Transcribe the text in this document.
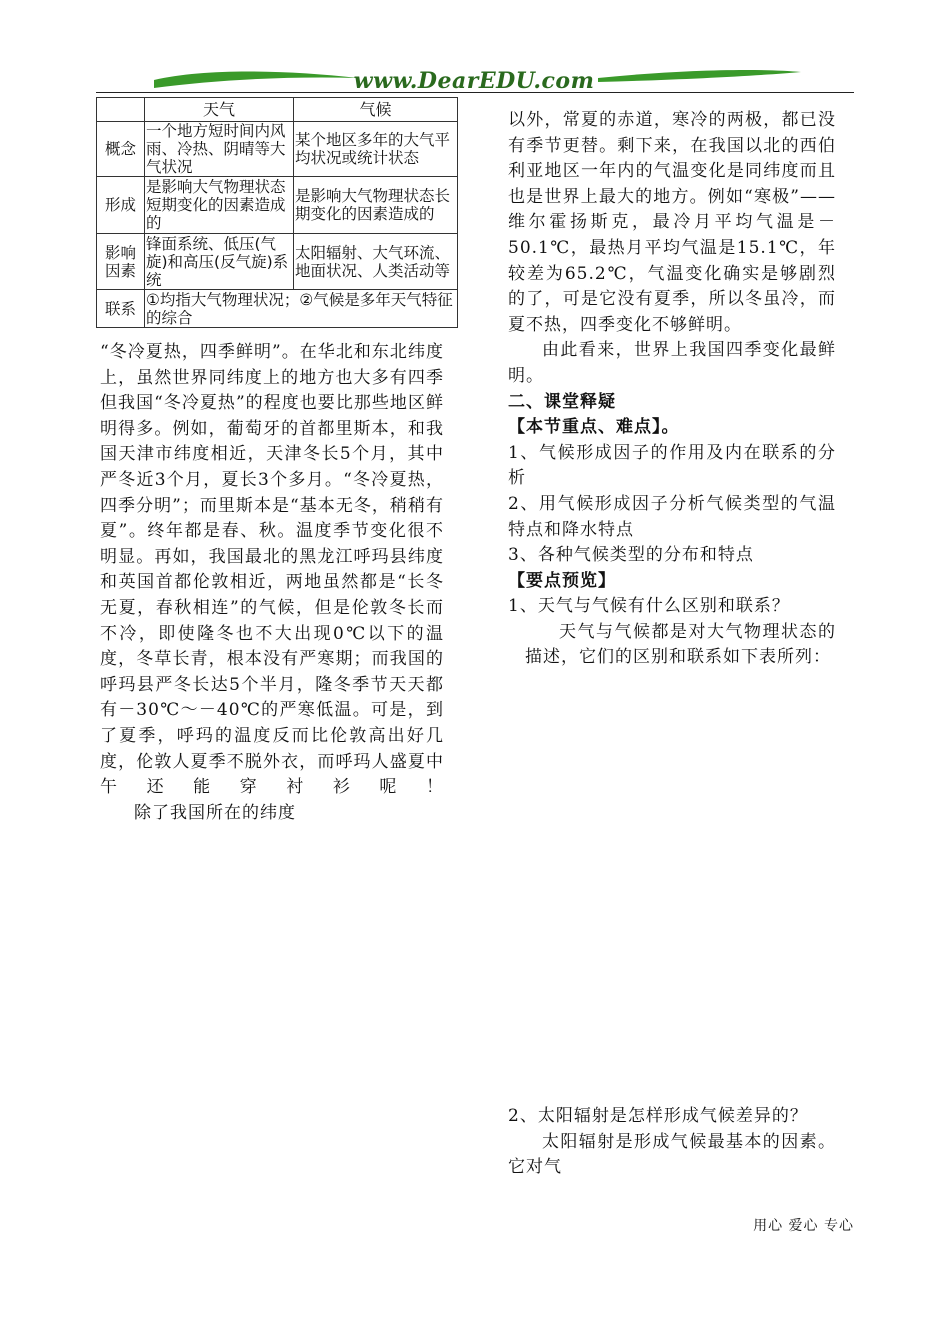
www.DearEDU.com
	天气	气候
概念	一个地方短时间内风雨、冷热、阴晴等大气状况	某个地区多年的大气平均状况或统计状态

形成	是影响大气物理状态短期变化的因素造成的	是影响大气物理状态长期变化的因素造成的

影响因素	锋面系统、低压(气旋)和高压(反气旋)系统	太阳辐射、大气环流、地面状况、人类活动等

联系	①均指大气物理状况；②气候是多年天气特征的综合	

“冬冷夏热，四季鲜明”。在华北和东北纬度上，虽然世界同纬度上的地方也大多有四季但我国“冬冷夏热”的程度也要比那些地区鲜明得多。例如，葡萄牙的首都里斯本，和我国天津市纬度相近，天津冬长5个月，其中严冬近3个月，夏长3个多月。“冬冷夏热，四季分明”；而里斯本是“基本无冬，稍稍有夏”。终年都是春、秋。温度季节变化很不明显。再如，我国最北的黑龙江呼玛县纬度和英国首都伦敦相近，两地虽然都是“长冬无夏，春秋相连”的气候，但是伦敦冬长而不冷，即使隆冬也不大出现0℃以下的温度，冬草长青，根本没有严寒期；而我国的呼玛县严冬长达5个半月，隆冬季节天天都有－30℃～－40℃的严寒低温。可是，到了夏季，呼玛的温度反而比伦敦高出好几度，伦敦人夏季不脱外衣，而呼玛人盛夏中午还能穿衬衫呢！

除了我国所在的纬度

以外，常夏的赤道，寒冷的两极，都已没有季节更替。剩下来，在我国以北的西伯利亚地区一年内的气温变化是同纬度而且也是世界上最大的地方。例如“寒极”——维尔霍扬斯克，最冷月平均气温是－50.1℃，最热月平均气温是15.1℃，年较差为65.2℃，气温变化确实是够剧烈的了，可是它没有夏季，所以冬虽冷，而夏不热，四季变化不够鲜明。

由此看来，世界上我国四季变化最鲜明。

二、课堂释疑

【本节重点、难点】。

1、气候形成因子的作用及内在联系的分析

2、用气候形成因子分析气候类型的气温特点和降水特点

3、各种气候类型的分布和特点

【要点预览】

1、天气与气候有什么区别和联系？

天气与气候都是对大气物理状态的描述，它们的区别和联系如下表所列：

2、太阳辐射是怎样形成气候差异的？

太阳辐射是形成气候最基本的因素。它对气

用心 爱心 专心
